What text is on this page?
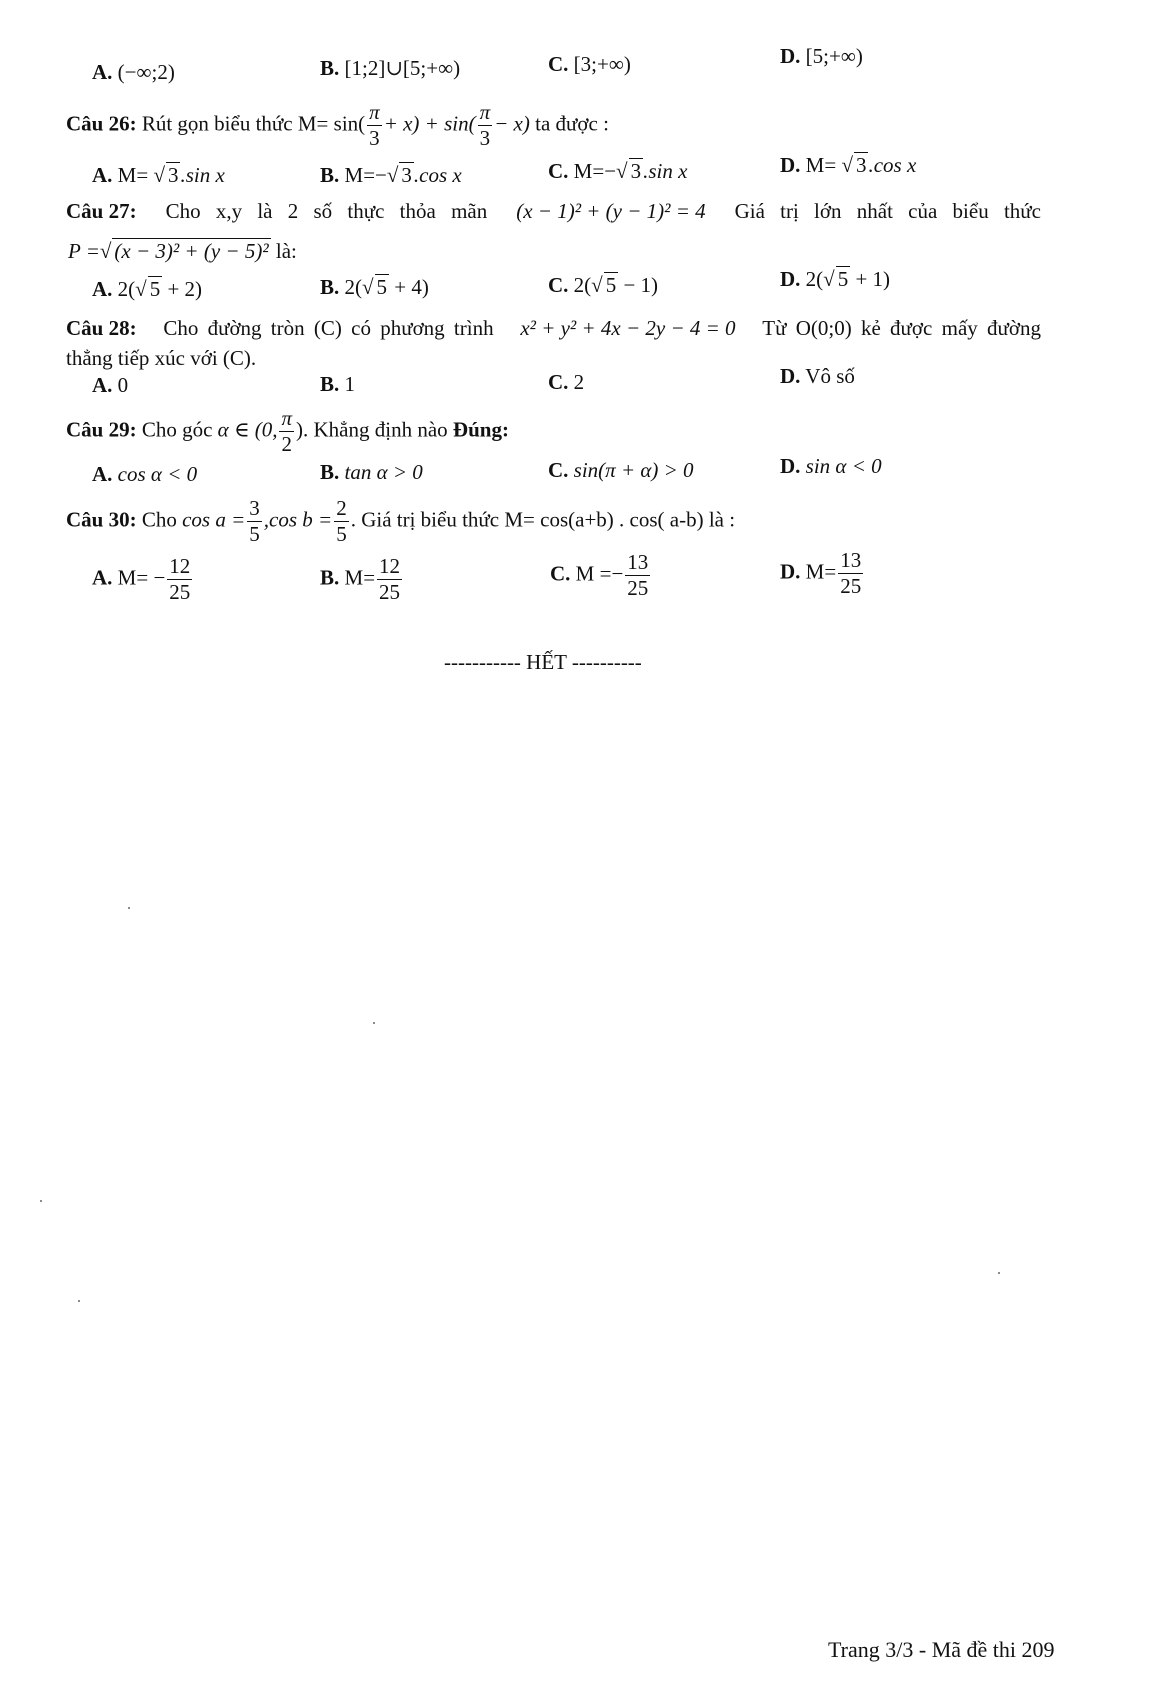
A. (−∞;2)	B. [1;2]∪[5;+∞)	C. [3;+∞)	D. [5;+∞)
Câu 26: Rút gọn biểu thức $M= \sin( \frac{\pi}{3} + x) + \sin( \frac{\pi}{3} - x)$ ta được :
A. M= √ 3.sin x	B. M=−√ 3.cos x	C. M=−√ 3.sin x	D. M= √ 3.cos x
Câu 27: Cho x,y là 2 số thực thỏa mãn (x − 1)² + (y − 1)² = 4 Giá trị lớn nhất của biểu thức
P =√ (x − 3)² + (y − 5)² là:
A. 2(√ 5 + 2)	B. 2(√ 5 + 4)	C. 2(√ 5 − 1)	D. 2(√ 5 + 1)
Câu 28: Cho đường tròn (C) có phương trình x² + y² + 4x − 2y − 4 = 0 Từ O(0;0) kẻ được mấy đường
thẳng tiếp xúc với (C).
A. 0	B. 1	C. 2	D. Vô số
Câu 29: Cho góc α ∈ (0, $\frac{\pi}{2}$ ). Khẳng định nào Đúng:
A. cos α < 0	B. tan α > 0	C. sin(π + α) > 0	D. sin α < 0
Câu 30: Cho $\cos a = \frac{3}{5} ,\cos$ $b = \frac{2}{5}$ . Giá trị biểu thức M= cos(a+b) . cos( a-b) là :
A. $M= - \frac{12}{25}$	B. $M= \frac{12}{25}$	C. $M =- \frac{13}{25}$	D. $M= \frac{13}{25}$
----------- HẾT ----------
Trang 3/3 - Mã đề thi 209
